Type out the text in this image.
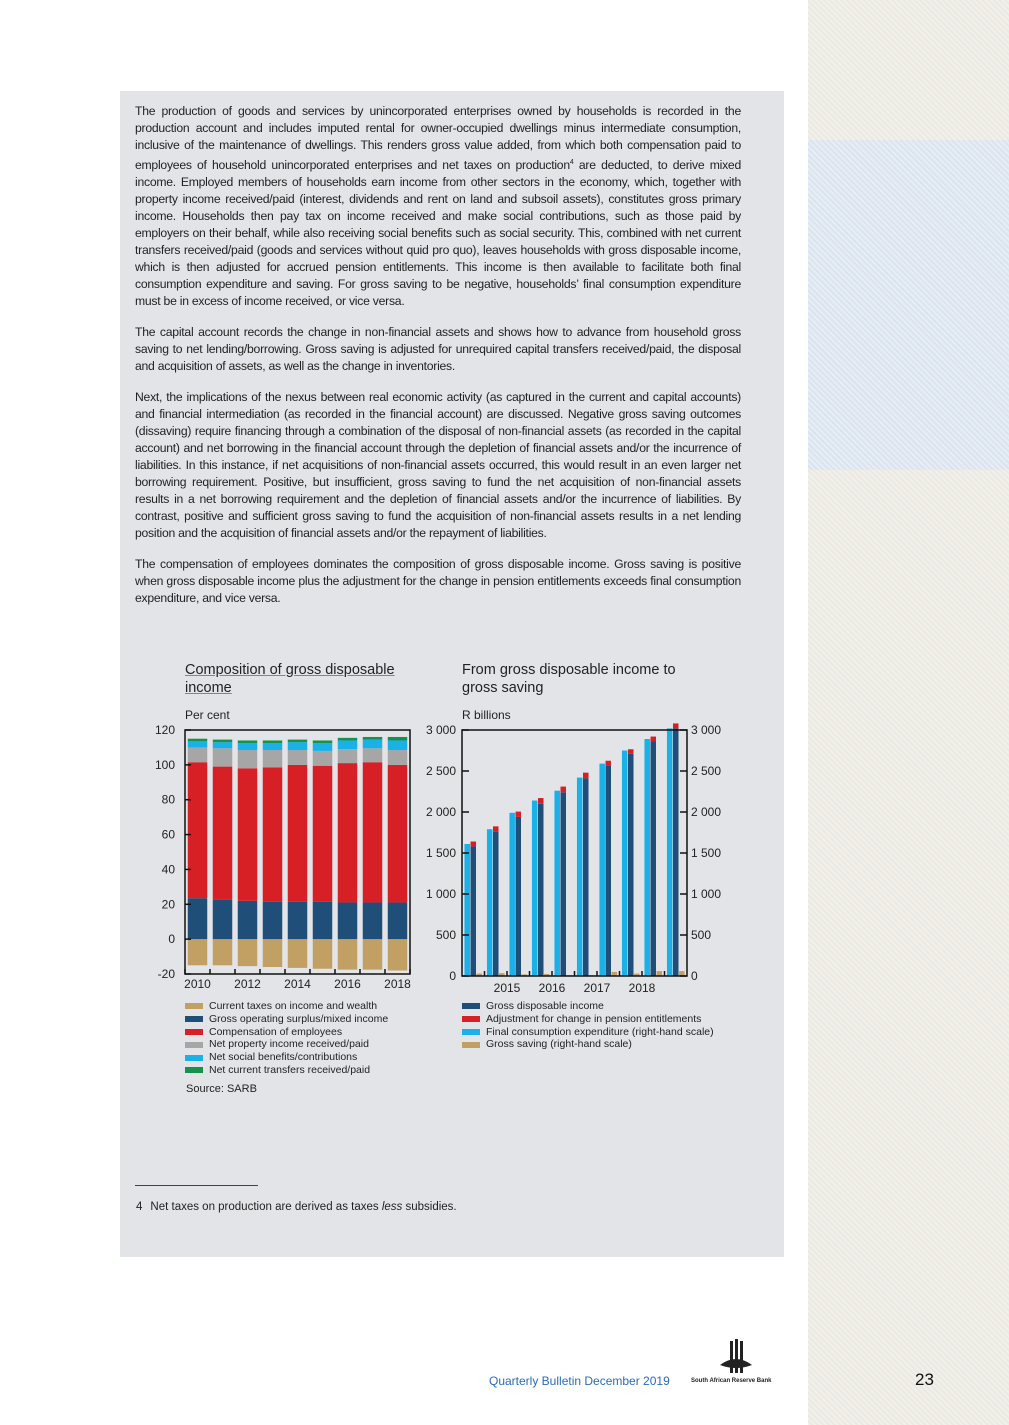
The production of goods and services by unincorporated enterprises owned by households is recorded in the production account and includes imputed rental for owner-occupied dwellings minus intermediate consumption, inclusive of the maintenance of dwellings. This renders gross value added, from which both compensation paid to employees of household unincorporated enterprises and net taxes on production$^4$ are deducted, to derive mixed income. Employed members of households earn income from other sectors in the economy, which, together with property income received/paid (interest, dividends and rent on land and subsoil assets), constitutes gross primary income. Households then pay tax on income received and make social contributions, such as those paid by employers on their behalf, while also receiving social benefits such as social security. This, combined with net current transfers received/paid (goods and services without quid pro quo), leaves households with gross disposable income, which is then adjusted for accrued pension entitlements. This income is then available to facilitate both final consumption expenditure and saving. For gross saving to be negative, households’ final consumption expenditure must be in excess of income received, or vice versa.

The capital account records the change in non-financial assets and shows how to advance from household gross saving to net lending/borrowing. Gross saving is adjusted for unrequired capital transfers received/paid, the disposal and acquisition of assets, as well as the change in inventories.

Next, the implications of the nexus between real economic activity (as captured in the current and capital accounts) and financial intermediation (as recorded in the financial account) are discussed. Negative gross saving outcomes (dissaving) require financing through a combination of the disposal of non-financial assets (as recorded in the capital account) and net borrowing in the financial account through the depletion of financial assets and/or the incurrence of liabilities. In this instance, if net acquisitions of non-financial assets occurred, this would result in an even larger net borrowing requirement. Positive, but insufficient, gross saving to fund the net acquisition of non-financial assets results in a net borrowing requirement and the depletion of financial assets and/or the incurrence of liabilities. By contrast, positive and sufficient gross saving to fund the acquisition of non-financial assets results in a net lending position and the acquisition of financial assets and/or the repayment of liabilities.

The compensation of employees dominates the composition of gross disposable income. Gross saving is positive when gross disposable income plus the adjustment for the change in pension entitlements exceeds final consumption expenditure, and vice versa.

Composition of gross disposable income
From gross disposable income to gross saving
Per cent	R billions
-20
0
20
40
60
80
100
120
2010 2012 2014 2016 2018
0
500
1 000
1 500
2 000
2 500
3 000
0
500
1 000
1 500
2 000
2 500
3 000
2015 2016 2017 2018
Current taxes on income and wealth
Gross operating surplus/mixed income
Compensation of employees
Net property income received/paid
Net social benefits/contributions
Net current transfers received/paid
Gross disposable income
Adjustment for change in pension entitlements
Final consumption expenditure (right-hand scale)
Gross saving (right-hand scale)
Source: SARB
4 Net taxes on production are derived as taxes less subsidies.
Quarterly Bulletin December 2019	South African Reserve Bank	23
